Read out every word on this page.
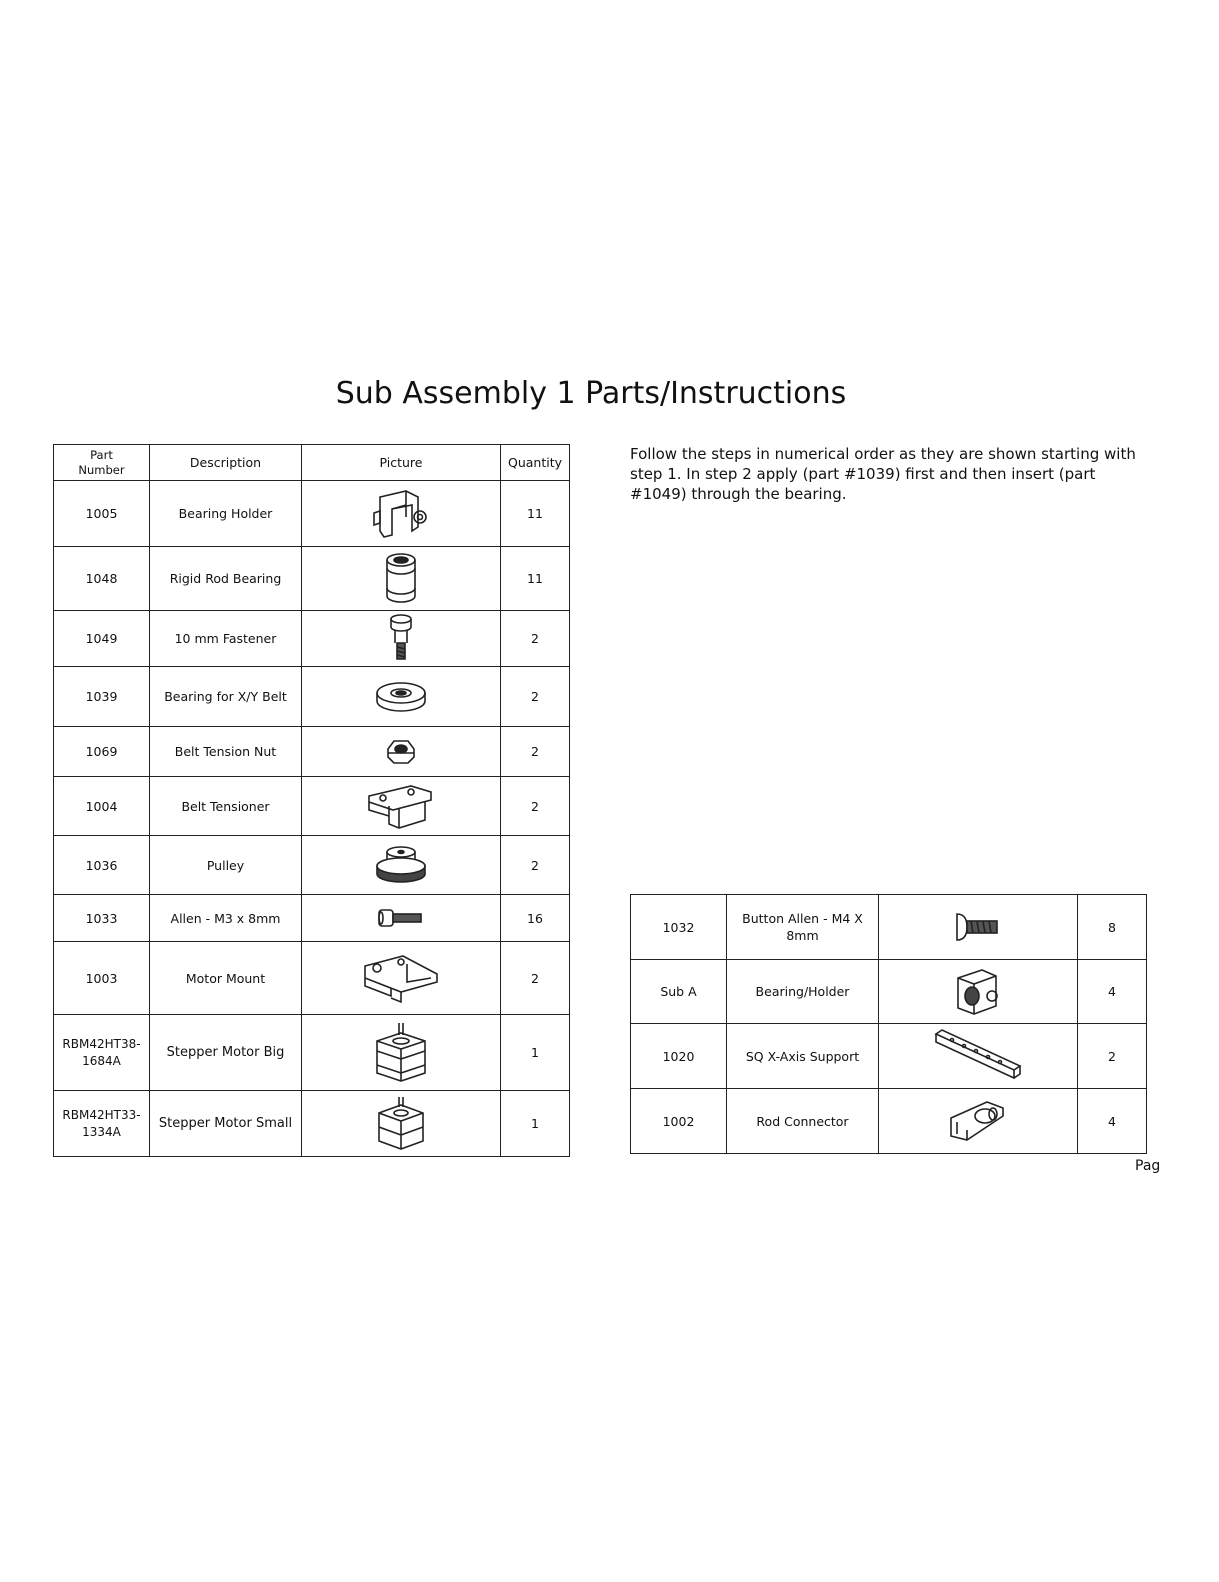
Sub Assembly 1 Parts/Instructions
Follow the steps in numerical order as they are shown starting with step 1. In step 2 apply (part #1039) first and then insert (part #1049) through the bearing.
Part Number	Description	Picture	Quantity
1005	Bearing Holder		11
1048	Rigid Rod Bearing		11
1049	10 mm Fastener		2
1039	Bearing for X/Y Belt		2
1069	Belt Tension Nut		2
1004	Belt Tensioner		2
1036	Pulley		2
1033	Allen - M3 x 8mm		16
1003	Motor Mount		2
RBM42HT38-1684A	Stepper Motor Big		1
RBM42HT33-1334A	Stepper Motor Small		1
1032	Button Allen - M4 X 8mm		8
Sub A	Bearing/Holder		4
1020	SQ X-Axis Support		2
1002	Rod Connector		4
Pag
